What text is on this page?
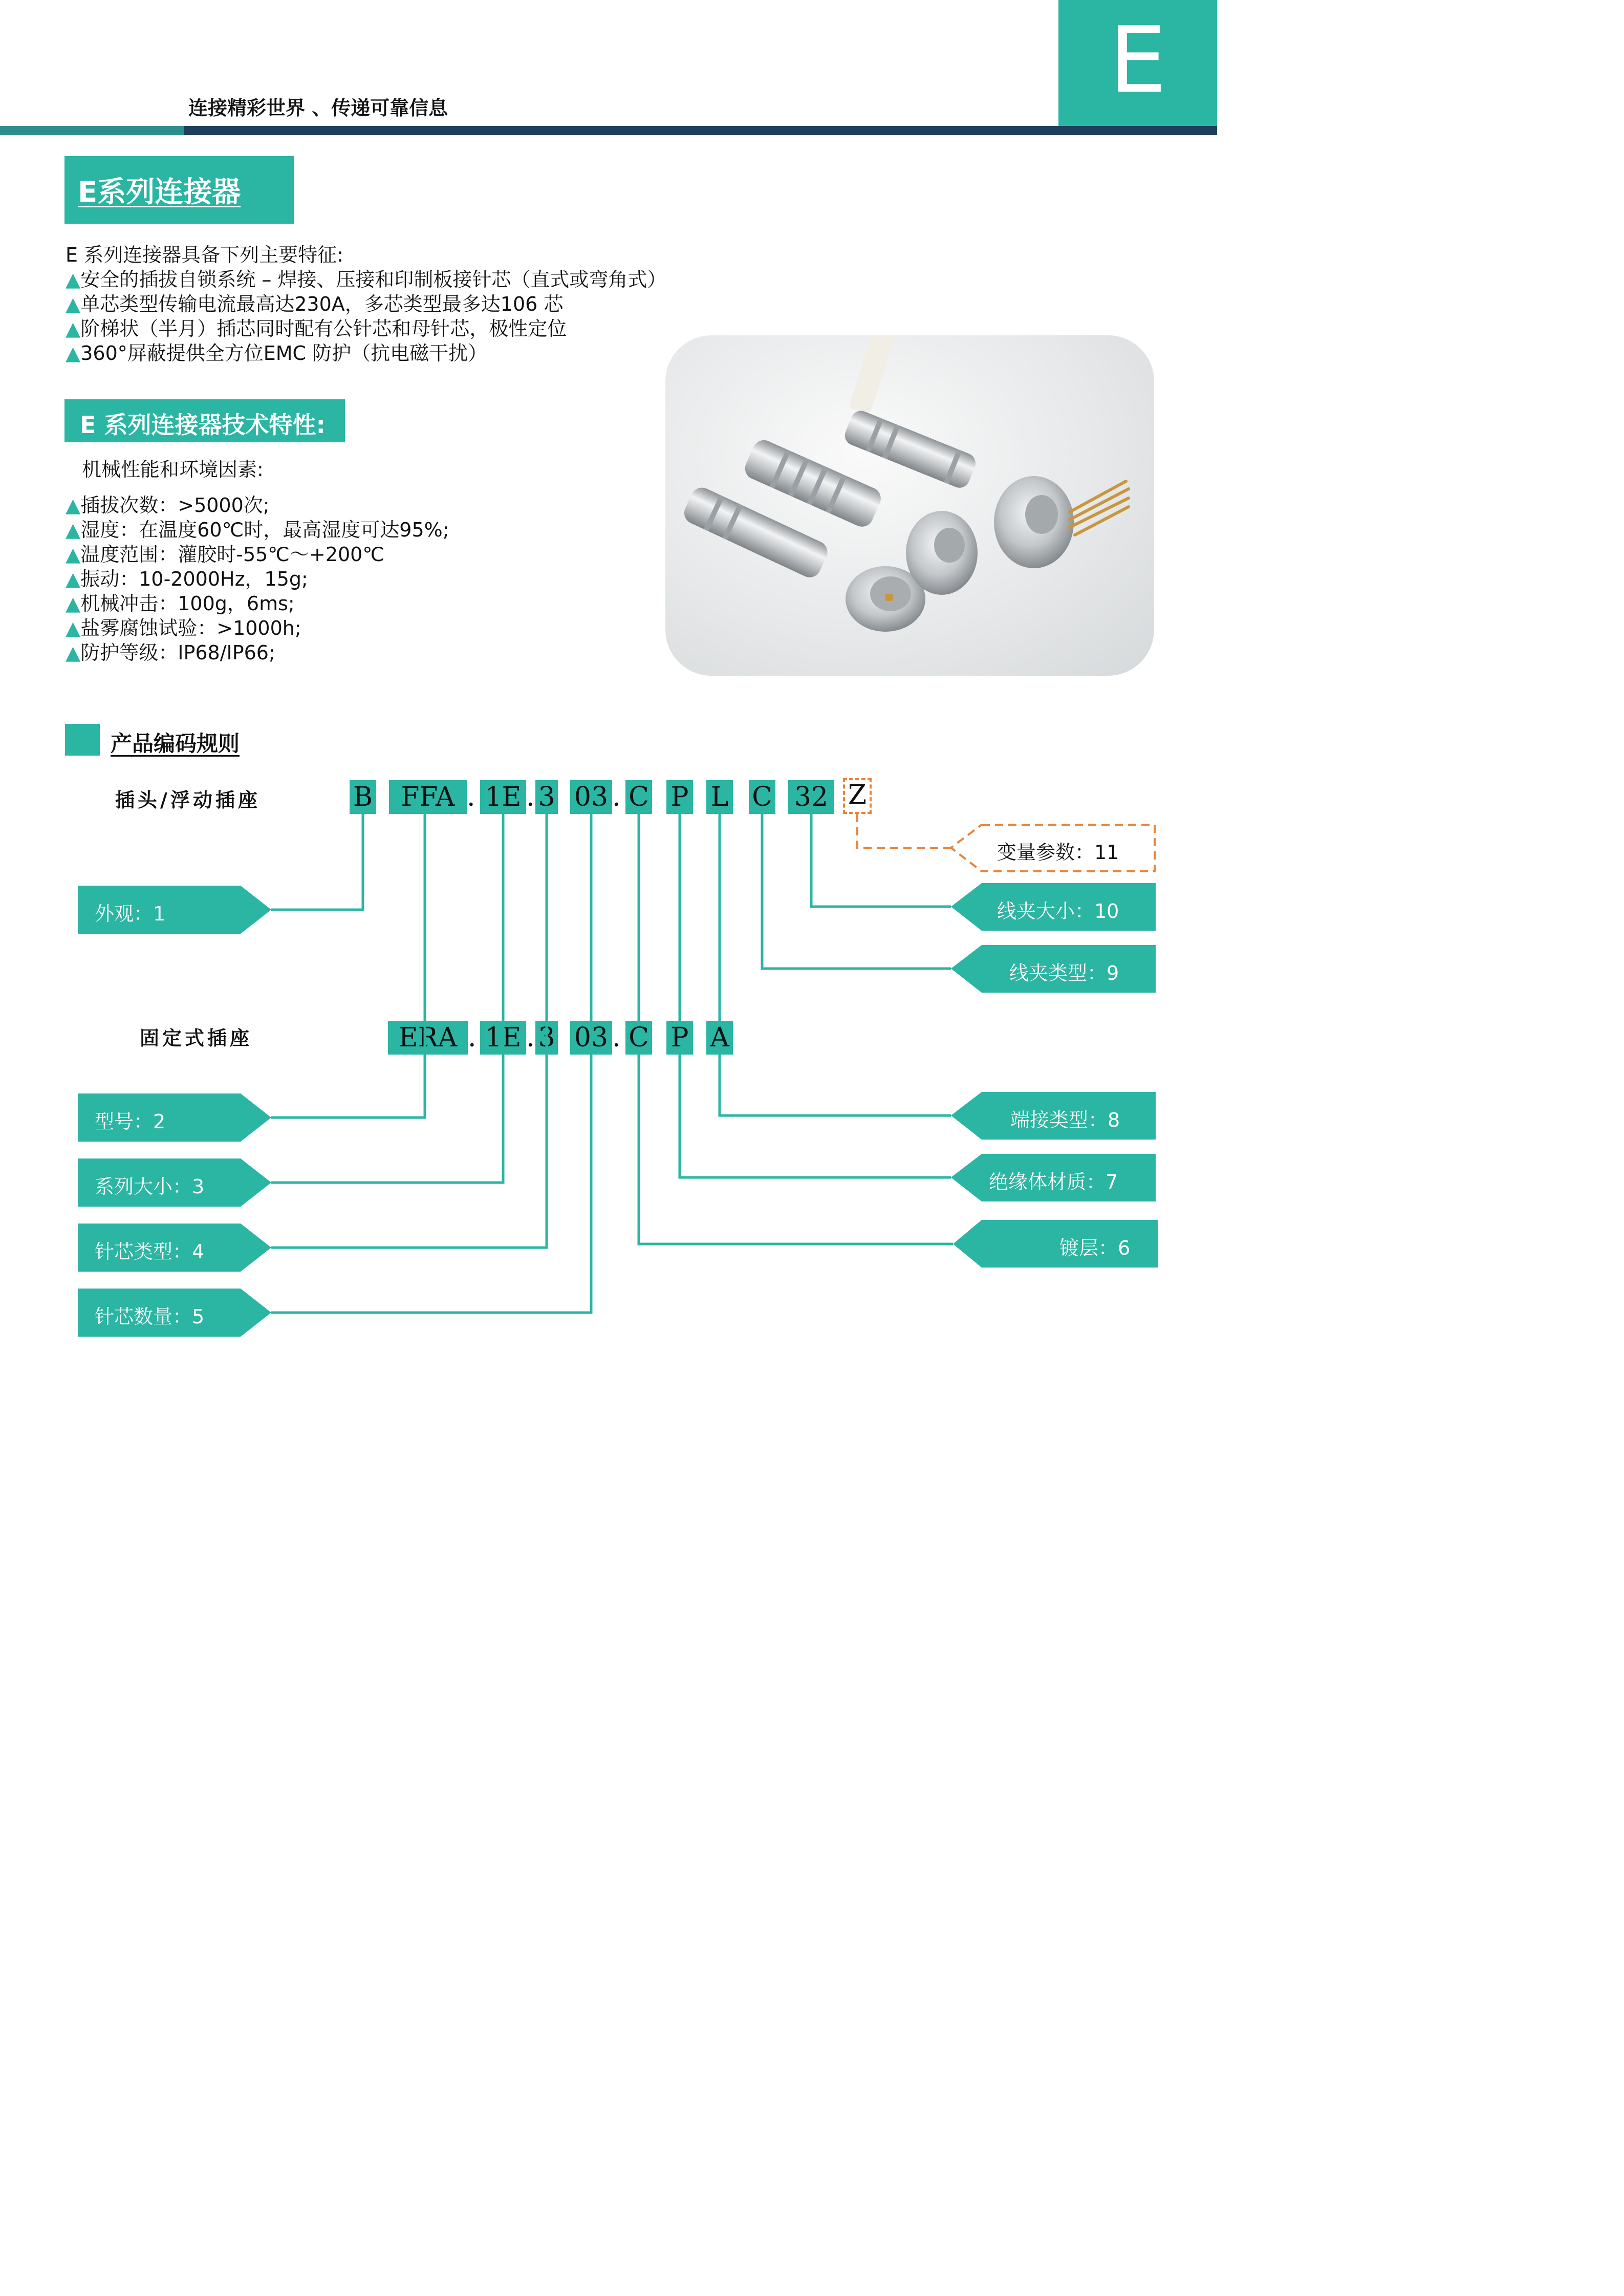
E
连接精彩世界 、传递可靠信息
E系列连接器
E 系列连接器具备下列主要特征:
▲安全的插拔自锁系统 – 焊接、压接和印制板接针芯（直式或弯角式）
▲单芯类型传输电流最高达230A，多芯类型最多达106 芯
▲阶梯状（半月）插芯同时配有公针芯和母针芯，极性定位
▲360°屏蔽提供全方位EMC 防护（抗电磁干扰）
E 系列连接器技术特性:
机械性能和环境因素:
▲插拔次数：>5000次;
▲湿度：在温度60℃时，最高湿度可达95%;
▲温度范围：灌胶时-55℃～+200℃
▲振动：10-2000Hz，15g;
▲机械冲击：100g，6ms;
▲盐雾腐蚀试验：>1000h;
▲防护等级：IP68/IP66;
产品编码规则
插头/浮动插座
固定式插座
B	FFA . 1E . 3 03 . C P L C 32 Z
ERA . 1E . 3 03 . C P A
外观：1
型号：2
系列大小：3
针芯类型：4
针芯数量：5
变量参数：11
线夹大小：10
线夹类型：9
端接类型：8
绝缘体材质：7
镀层：6
